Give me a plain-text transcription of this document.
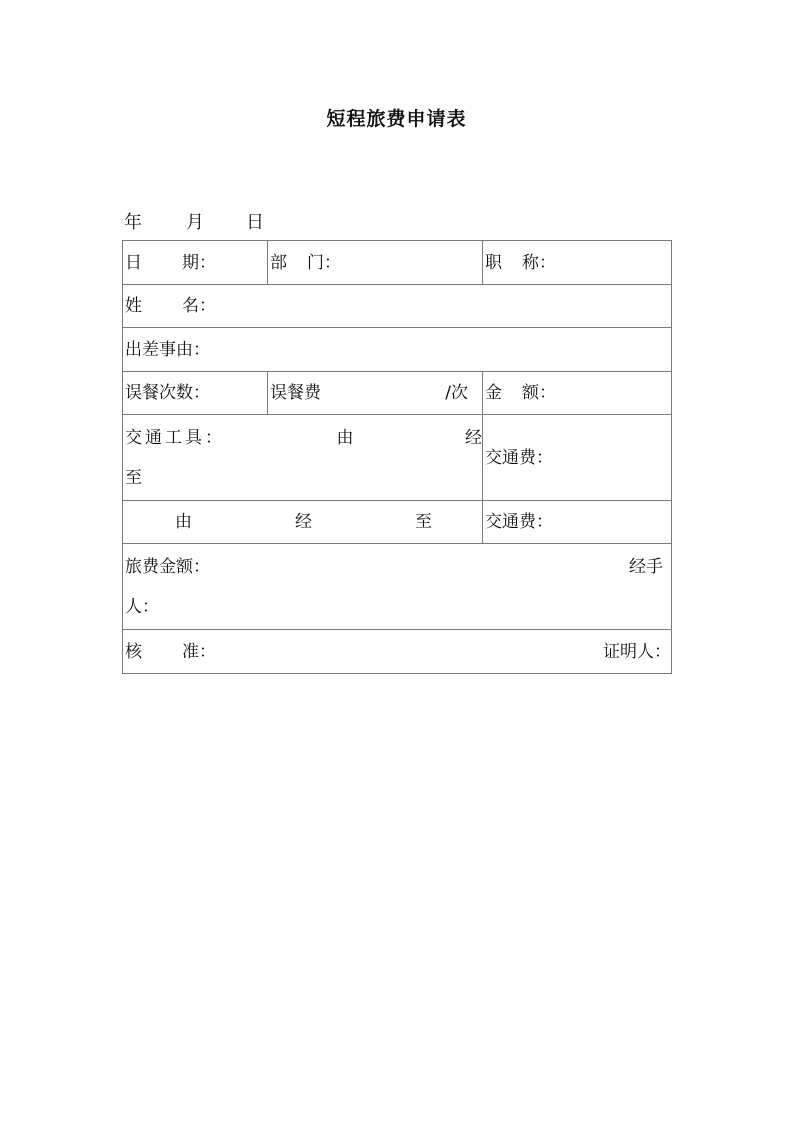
短程旅费申请表
年 月 日
日 期：	部 门：	职 称：
姓 名：		
出差事由：		
误餐次数：	误餐费 /次	金 额：

交通工具： 由 经
至		交通费：

由 经 至		交通费：

旅费金额： 经手
人：		

核 准： 证明人：		
